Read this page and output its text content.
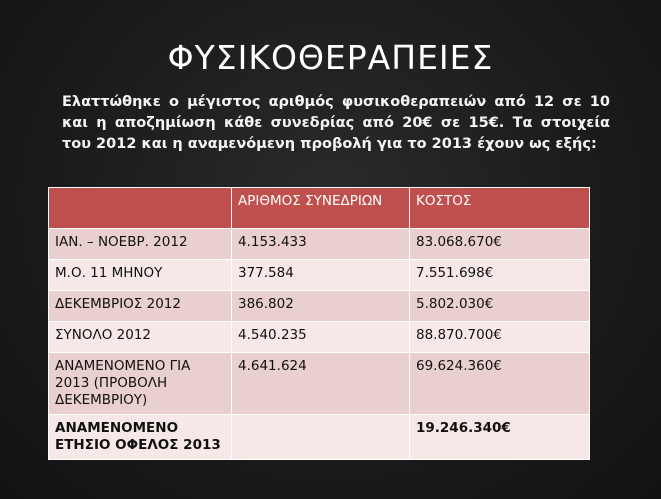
ΦΥΣΙΚΟΘΕΡΑΠΕΙΕΣ
Ελαττώθηκε ο μέγιστος αριθμός φυσικοθεραπειών από 12 σε 10 και η αποζημίωση κάθε συνεδρίας από 20€ σε 15€. Τα στοιχεία του 2012 και η αναμενόμενη προβολή για το 2013 έχουν ως εξής:
	ΑΡΙΘΜΟΣ ΣΥΝΕΔΡΙΩΝ	ΚΟΣΤΟΣ
ΙΑΝ. – ΝΟΕΒΡ. 2012	4.153.433	83.068.670€
Μ.Ο. 11 ΜΗΝΟΥ	377.584	7.551.698€
ΔΕΚΕΜΒΡΙΟΣ 2012	386.802	5.802.030€
ΣΥΝΟΛΟ 2012	4.540.235	88.870.700€
ΑΝΑΜΕΝΟΜΕΝΟ ΓΙΑ 2013 (ΠΡΟΒΟΛΗ ΔΕΚΕΜΒΡΙΟΥ)	4.641.624	69.624.360€
ΑΝΑΜΕΝΟΜΕΝΟ ΕΤΗΣΙΟ ΟΦΕΛΟΣ 2013		19.246.340€
